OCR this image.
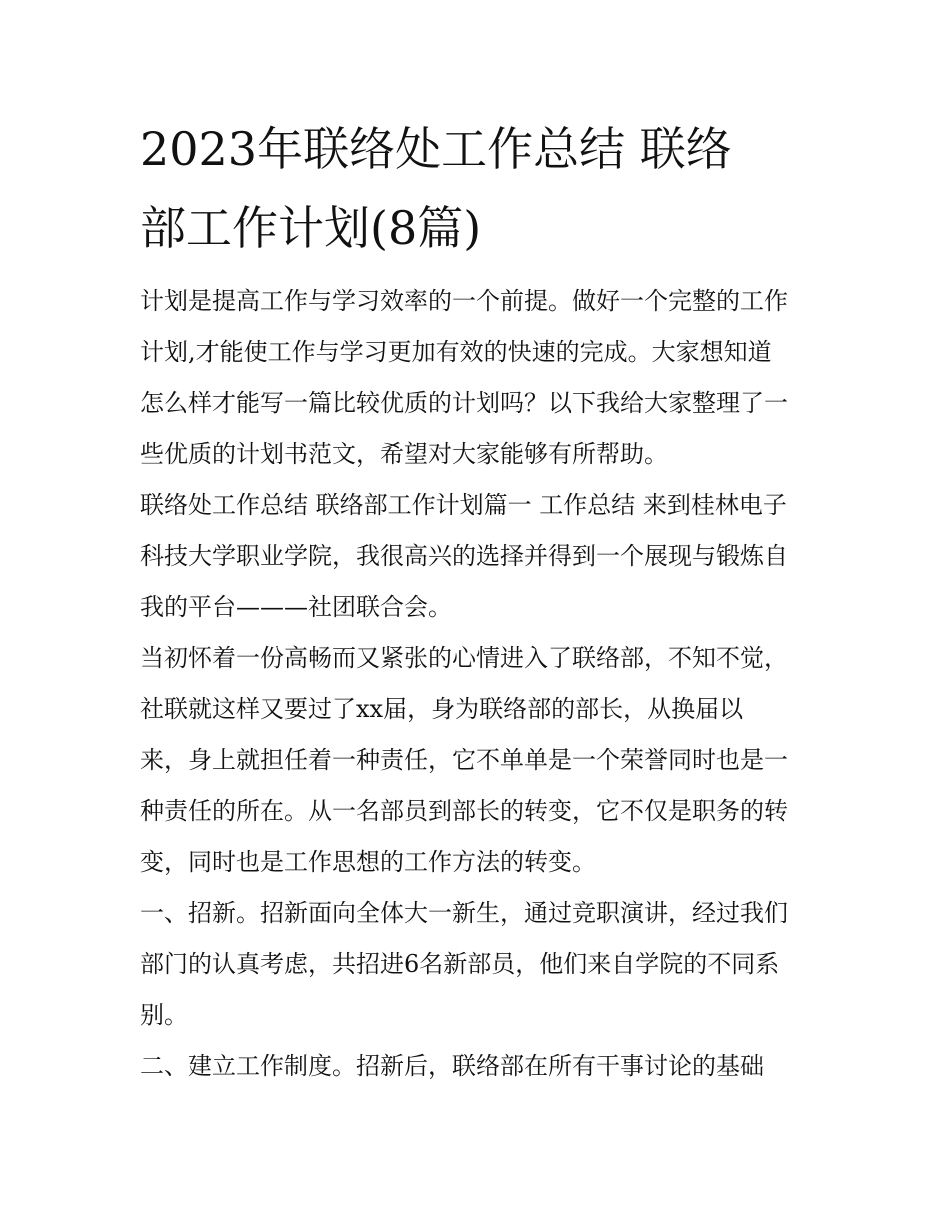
2023年联络处工作总结 联络
部工作计划(8篇)
计划是提高工作与学习效率的一个前提。做好一个完整的工作
计划,才能使工作与学习更加有效的快速的完成。大家想知道
怎么样才能写一篇比较优质的计划吗？以下我给大家整理了一
些优质的计划书范文，希望对大家能够有所帮助。
联络处工作总结 联络部工作计划篇一 工作总结 来到桂林电子
科技大学职业学院，我很高兴的选择并得到一个展现与锻炼自
我的平台———社团联合会。
当初怀着一份高畅而又紧张的心情进入了联络部，不知不觉，
社联就这样又要过了xx届，身为联络部的部长，从换届以
来，身上就担任着一种责任，它不单单是一个荣誉同时也是一
种责任的所在。从一名部员到部长的转变，它不仅是职务的转
变，同时也是工作思想的工作方法的转变。
一、招新。招新面向全体大一新生，通过竞职演讲，经过我们
部门的认真考虑，共招进6名新部员，他们来自学院的不同系
别。
二、建立工作制度。招新后，联络部在所有干事讨论的基础
